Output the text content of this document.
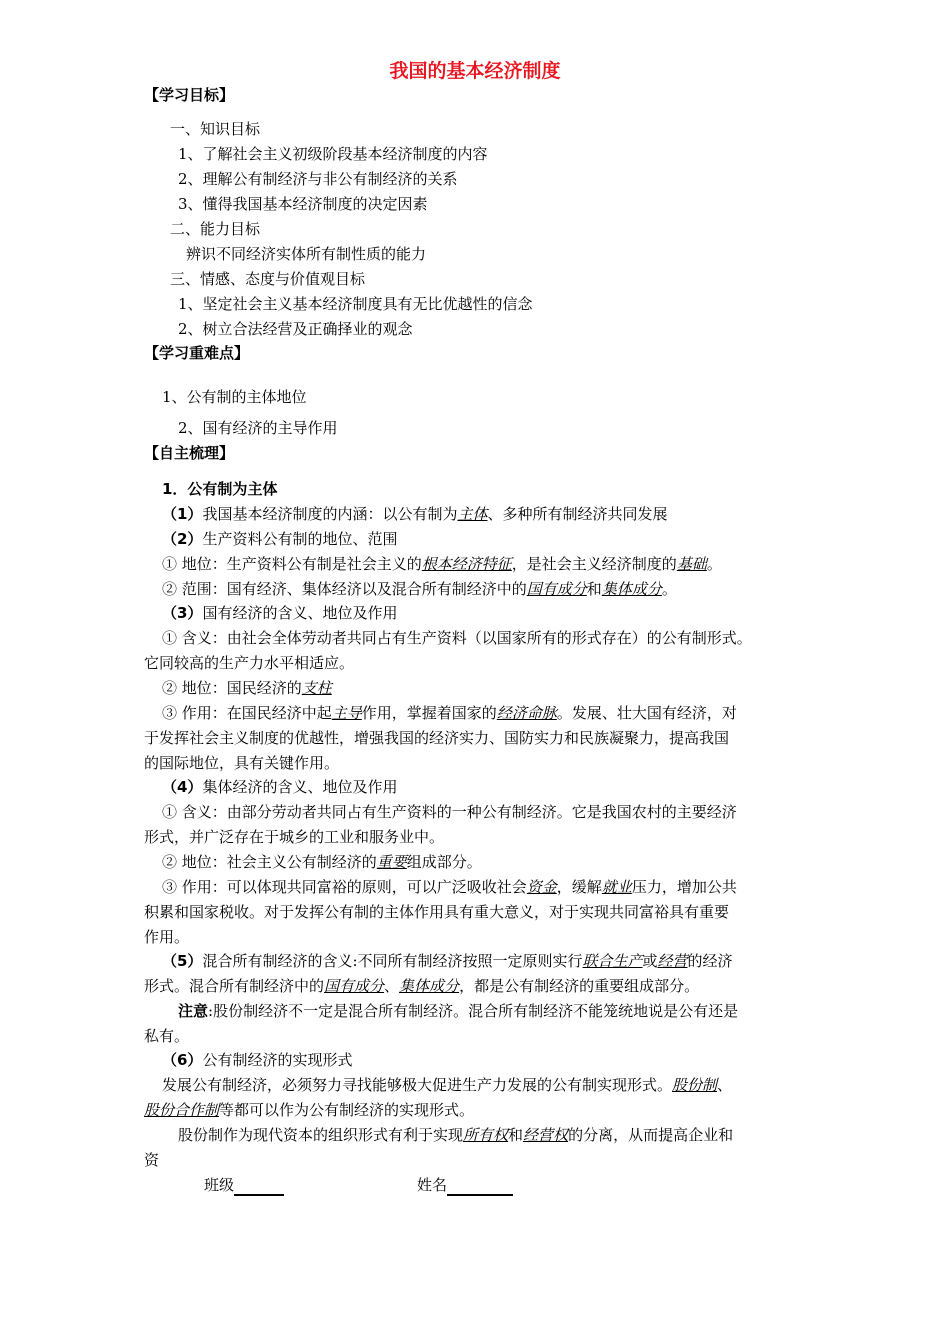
我国的基本经济制度
【学习目标】
一、知识目标
1、了解社会主义初级阶段基本经济制度的内容
2、理解公有制经济与非公有制经济的关系
3、懂得我国基本经济制度的决定因素
二、能力目标
辨识不同经济实体所有制性质的能力
三、情感、态度与价值观目标
1、坚定社会主义基本经济制度具有无比优越性的信念
2、树立合法经营及正确择业的观念
【学习重难点】
1、公有制的主体地位
2、国有经济的主导作用
【自主梳理】
1．公有制为主体
（1）我国基本经济制度的内涵：以公有制为主体、多种所有制经济共同发展
（2）生产资料公有制的地位、范围
① 地位：生产资料公有制是社会主义的根本经济特征，是社会主义经济制度的基础。
② 范围：国有经济、集体经济以及混合所有制经济中的国有成分和集体成分。
（3）国有经济的含义、地位及作用
① 含义：由社会全体劳动者共同占有生产资料（以国家所有的形式存在）的公有制形式。
它同较高的生产力水平相适应。
② 地位：国民经济的支柱
③ 作用：在国民经济中起主导作用，掌握着国家的经济命脉。发展、壮大国有经济，对
于发挥社会主义制度的优越性，增强我国的经济实力、国防实力和民族凝聚力，提高我国
的国际地位，具有关键作用。
（4）集体经济的含义、地位及作用
① 含义：由部分劳动者共同占有生产资料的一种公有制经济。它是我国农村的主要经济
形式，并广泛存在于城乡的工业和服务业中。
② 地位：社会主义公有制经济的重要组成部分。
③ 作用：可以体现共同富裕的原则，可以广泛吸收社会资金，缓解就业压力，增加公共
积累和国家税收。对于发挥公有制的主体作用具有重大意义，对于实现共同富裕具有重要
作用。
（5）混合所有制经济的含义:不同所有制经济按照一定原则实行联合生产或经营的经济
形式。混合所有制经济中的国有成分、集体成分，都是公有制经济的重要组成部分。
注意:股份制经济不一定是混合所有制经济。混合所有制经济不能笼统地说是公有还是
私有。
（6）公有制经济的实现形式
发展公有制经济，必须努力寻找能够极大促进生产力发展的公有制实现形式。股份制、
股份合作制等都可以作为公有制经济的实现形式。
股份制作为现代资本的组织形式有利于实现所有权和经营权的分离，从而提高企业和
资
班级	姓名
